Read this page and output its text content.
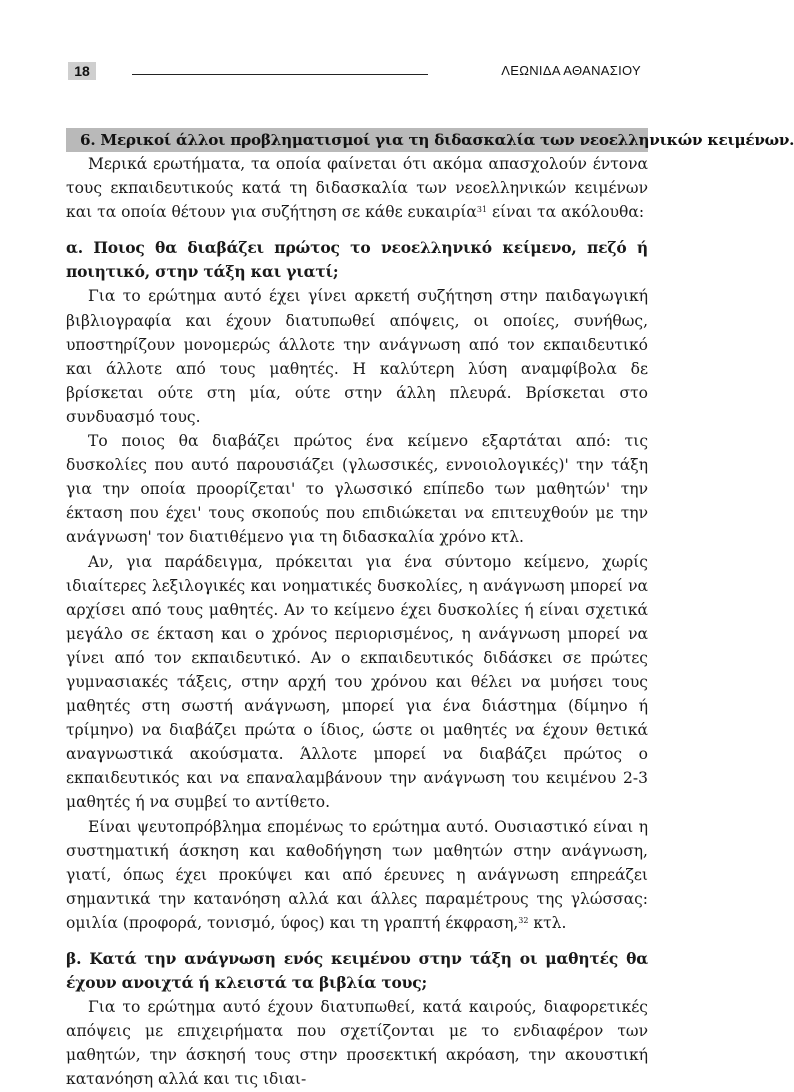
18	ΛΕΩΝΙΔΑ ΑΘΑΝΑΣΙΟΥ
6. Μερικοί άλλοι προβληματισμοί για τη διδασκαλία των νεοελληνικών κειμένων.

Μερικά ερωτήματα, τα οποία φαίνεται ότι ακόμα απασχολούν έντονα τους εκπαιδευτικούς κατά τη διδασκαλία των νεοελληνικών κειμένων και τα οποία θέτουν για συζήτηση σε κάθε ευκαιρία$^{31}$ είναι τα ακόλουθα:

α. Ποιος θα διαβάζει πρώτος το νεοελληνικό κείμενο, πεζό ή ποιητικό, στην τάξη και γιατί;

Για το ερώτημα αυτό έχει γίνει αρκετή συζήτηση στην παιδαγωγική βιβλιογραφία και έχουν διατυπωθεί απόψεις, οι οποίες, συνήθως, υποστηρίζουν μονομερώς άλλοτε την ανάγνωση από τον εκπαιδευτικό και άλλοτε από τους μαθητές. Η καλύτερη λύση αναμφίβολα δε βρίσκεται ούτε στη μία, ούτε στην άλλη πλευρά. Βρίσκεται στο συνδυασμό τους.

Το ποιος θα διαβάζει πρώτος ένα κείμενο εξαρτάται από: τις δυσκολίες που αυτό παρουσιάζει (γλωσσικές, εννοιολογικές)' την τάξη για την οποία προορίζεται' το γλωσσικό επίπεδο των μαθητών' την έκταση που έχει' τους σκοπούς που επιδιώκεται να επιτευχθούν με την ανάγνωση' τον διατιθέμενο για τη διδασκαλία χρόνο κτλ.

Αν, για παράδειγμα, πρόκειται για ένα σύντομο κείμενο, χωρίς ιδιαίτερες λεξιλογικές και νοηματικές δυσκολίες, η ανάγνωση μπορεί να αρχίσει από τους μαθητές. Αν το κείμενο έχει δυσκολίες ή είναι σχετικά μεγάλο σε έκταση και ο χρόνος περιορισμένος, η ανάγνωση μπορεί να γίνει από τον εκπαιδευτικό. Αν ο εκπαιδευτικός διδάσκει σε πρώτες γυμνασιακές τάξεις, στην αρχή του χρόνου και θέλει να μυήσει τους μαθητές στη σωστή ανάγνωση, μπορεί για ένα διάστημα (δίμηνο ή τρίμηνο) να διαβάζει πρώτα ο ίδιος, ώστε οι μαθητές να έχουν θετικά αναγνωστικά ακούσματα. Άλλοτε μπορεί να διαβάζει πρώτος ο εκπαιδευτικός και να επαναλαμβάνουν την ανάγνωση του κειμένου 2-3 μαθητές ή να συμβεί το αντίθετο.

Είναι ψευτοπρόβλημα επομένως το ερώτημα αυτό. Ουσιαστικό είναι η συστηματική άσκηση και καθοδήγηση των μαθητών στην ανάγνωση, γιατί, όπως έχει προκύψει και από έρευνες η ανάγνωση επηρεάζει σημαντικά την κατανόηση αλλά και άλλες παραμέτρους της γλώσσας: ομιλία (προφορά, τονισμό, ύφος) και τη γραπτή έκφραση,$^{32}$ κτλ.

β. Κατά την ανάγνωση ενός κειμένου στην τάξη οι μαθητές θα έχουν ανοιχτά ή κλειστά τα βιβλία τους;

Για το ερώτημα αυτό έχουν διατυπωθεί, κατά καιρούς, διαφορετικές απόψεις με επιχειρήματα που σχετίζονται με το ενδιαφέρον των μαθητών, την άσκησή τους στην προσεκτική ακρόαση, την ακουστική κατανόηση αλλά και τις ιδιαι-
